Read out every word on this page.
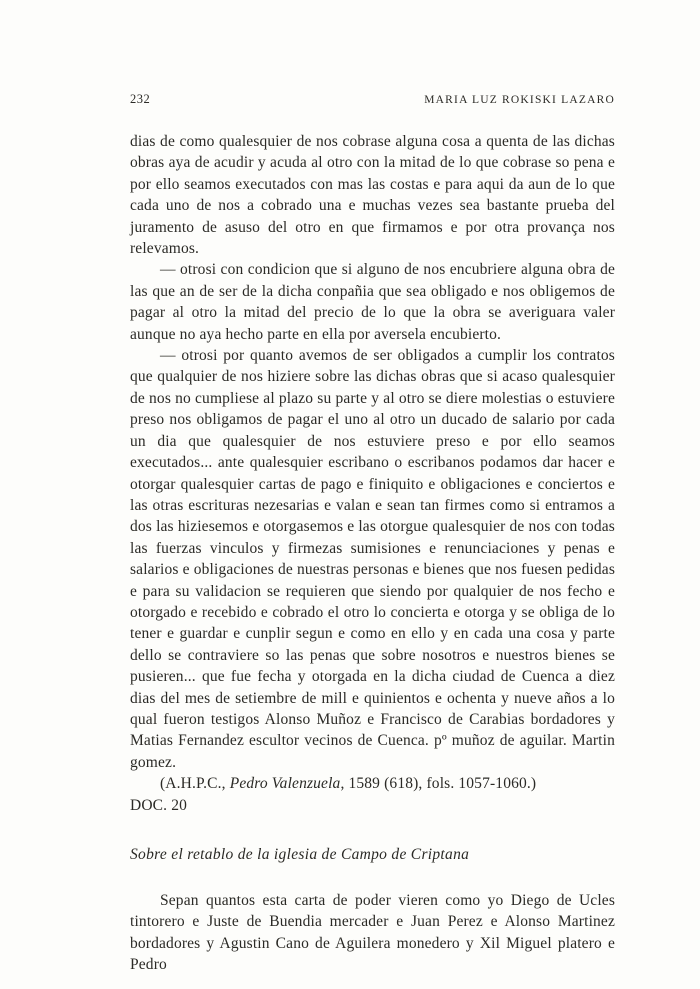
232	MARIA LUZ ROKISKI LAZARO

dias de como qualesquier de nos cobrase alguna cosa a quenta de las dichas obras aya de acudir y acuda al otro con la mitad de lo que cobrase so pena e por ello seamos executados con mas las costas e para aqui da aun de lo que cada uno de nos a cobrado una e muchas vezes sea bastante prueba del juramento de asuso del otro en que firmamos e por otra provança nos relevamos.

— otrosi con condicion que si alguno de nos encubriere alguna obra de las que an de ser de la dicha conpañia que sea obligado e nos obligemos de pagar al otro la mitad del precio de lo que la obra se averiguara valer aunque no aya hecho parte en ella por aversela encubierto.

— otrosi por quanto avemos de ser obligados a cumplir los contratos que qualquier de nos hiziere sobre las dichas obras que si acaso qualesquier de nos no cumpliese al plazo su parte y al otro se diere molestias o estuviere preso nos obligamos de pagar el uno al otro un ducado de salario por cada un dia que qualesquier de nos estuviere preso e por ello seamos executados... ante qualesquier escribano o escribanos podamos dar hacer e otorgar qualesquier cartas de pago e finiquito e obligaciones e conciertos e las otras escrituras nezesarias e valan e sean tan firmes como si entramos a dos las hiziesemos e otorgasemos e las otorgue qualesquier de nos con todas las fuerzas vinculos y firmezas sumisiones e renunciaciones y penas e salarios e obligaciones de nuestras personas e bienes que nos fuesen pedidas e para su validacion se requieren que siendo por qualquier de nos fecho e otorgado e recebido e cobrado el otro lo concierta e otorga y se obliga de lo tener e guardar e cunplir segun e como en ello y en cada una cosa y parte dello se contraviere so las penas que sobre nosotros e nuestros bienes se pusieren... que fue fecha y otorgada en la dicha ciudad de Cuenca a diez dias del mes de setiembre de mill e quinientos e ochenta y nueve años a lo qual fueron testigos Alonso Muñoz e Francisco de Carabias bordadores y Matias Fernandez escultor vecinos de Cuenca. pº muñoz de aguilar. Martin gomez.

(A.H.P.C., Pedro Valenzuela, 1589 (618), fols. 1057-1060.)

DOC. 20

Sobre el retablo de la iglesia de Campo de Criptana

Sepan quantos esta carta de poder vieren como yo Diego de Ucles tintorero e Juste de Buendia mercader e Juan Perez e Alonso Martinez bordadores y Agustin Cano de Aguilera monedero y Xil Miguel platero e Pedro
